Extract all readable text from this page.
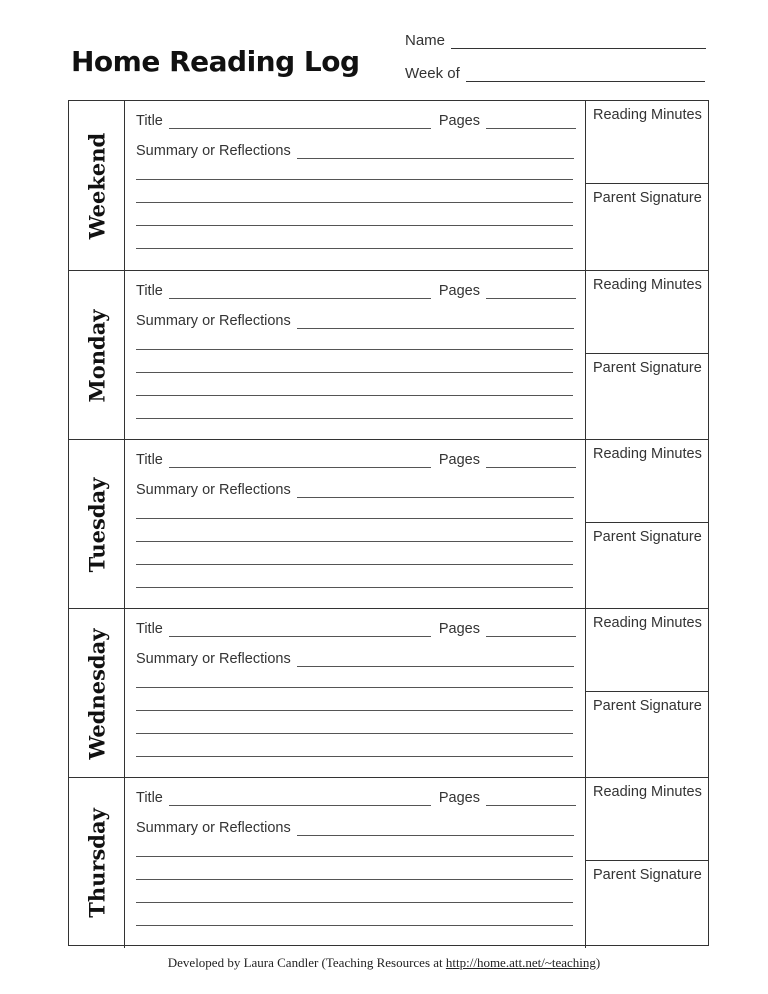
Home Reading Log
Name
Week of
Weekend
Title	Pages
Summary or Reflections
Reading Minutes
Parent Signature
Monday
Title	Pages
Summary or Reflections
Reading Minutes
Parent Signature
Tuesday
Title	Pages
Summary or Reflections
Reading Minutes
Parent Signature
Wednesday Title	Pages
Summary or Reflections
Reading Minutes
Parent Signature
Thursday
Title	Pages
Summary or Reflections
Reading Minutes
Parent Signature
Developed by Laura Candler (Teaching Resources at http://home.att.net/~teaching)
